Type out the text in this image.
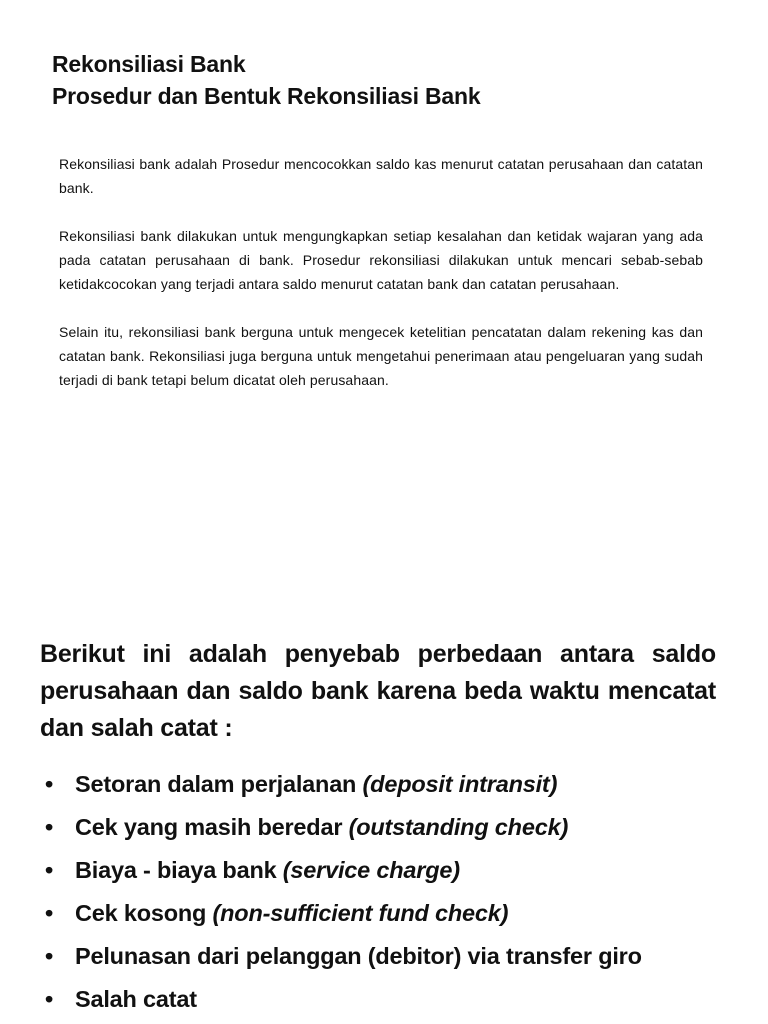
Rekonsiliasi Bank
Prosedur dan Bentuk Rekonsiliasi Bank

Rekonsiliasi bank adalah Prosedur mencocokkan saldo kas menurut catatan perusahaan dan catatan bank.

Rekonsiliasi bank dilakukan untuk mengungkapkan setiap kesalahan dan ketidak wajaran yang ada pada catatan perusahaan di bank. Prosedur rekonsiliasi dilakukan untuk mencari sebab-sebab ketidakcocokan yang terjadi antara saldo menurut catatan bank dan catatan perusahaan.

Selain itu, rekonsiliasi bank berguna untuk mengecek ketelitian pencatatan dalam rekening kas dan catatan bank. Rekonsiliasi juga berguna untuk mengetahui penerimaan atau pengeluaran yang sudah terjadi di bank tetapi belum dicatat oleh perusahaan.

Berikut ini adalah penyebab perbedaan antara saldo perusahaan dan saldo bank karena beda waktu mencatat dan salah catat :

• Setoran dalam perjalanan (deposit intransit)
• Cek yang masih beredar (outstanding check)
• Biaya - biaya bank (service charge)
• Cek kosong (non-sufficient fund check)
• Pelunasan dari pelanggan (debitor) via transfer giro
• Salah catat
